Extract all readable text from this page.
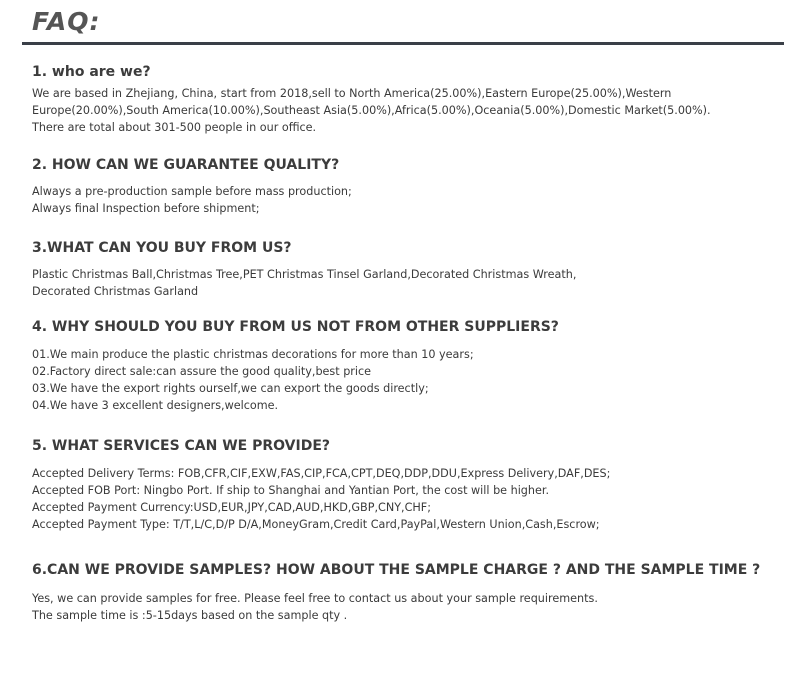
FAQ:
1. who are we?
We are based in Zhejiang, China, start from 2018,sell to North America(25.00%),Eastern Europe(25.00%),Western
Europe(20.00%),South America(10.00%),Southeast Asia(5.00%),Africa(5.00%),Oceania(5.00%),Domestic Market(5.00%).
There are total about 301-500 people in our office.
2. HOW CAN WE GUARANTEE QUALITY?
Always a pre-production sample before mass production;
Always final Inspection before shipment;
3.WHAT CAN YOU BUY FROM US?
Plastic Christmas Ball,Christmas Tree,PET Christmas Tinsel Garland,Decorated Christmas Wreath,
Decorated Christmas Garland
4. WHY SHOULD YOU BUY FROM US NOT FROM OTHER SUPPLIERS?
01.We main produce the plastic christmas decorations for more than 10 years;
02.Factory direct sale:can assure the good quality,best price
03.We have the export rights ourself,we can export the goods directly;
04.We have 3 excellent designers,welcome.
5. WHAT SERVICES CAN WE PROVIDE?
Accepted Delivery Terms: FOB,CFR,CIF,EXW,FAS,CIP,FCA,CPT,DEQ,DDP,DDU,Express Delivery,DAF,DES;
Accepted FOB Port: Ningbo Port. If ship to Shanghai and Yantian Port, the cost will be higher.
Accepted Payment Currency:USD,EUR,JPY,CAD,AUD,HKD,GBP,CNY,CHF;
Accepted Payment Type: T/T,L/C,D/P D/A,MoneyGram,Credit Card,PayPal,Western Union,Cash,Escrow;
6.CAN WE PROVIDE SAMPLES? HOW ABOUT THE SAMPLE CHARGE ? AND THE SAMPLE TIME ?
Yes, we can provide samples for free. Please feel free to contact us about your sample requirements.
The sample time is :5-15days based on the sample qty .
